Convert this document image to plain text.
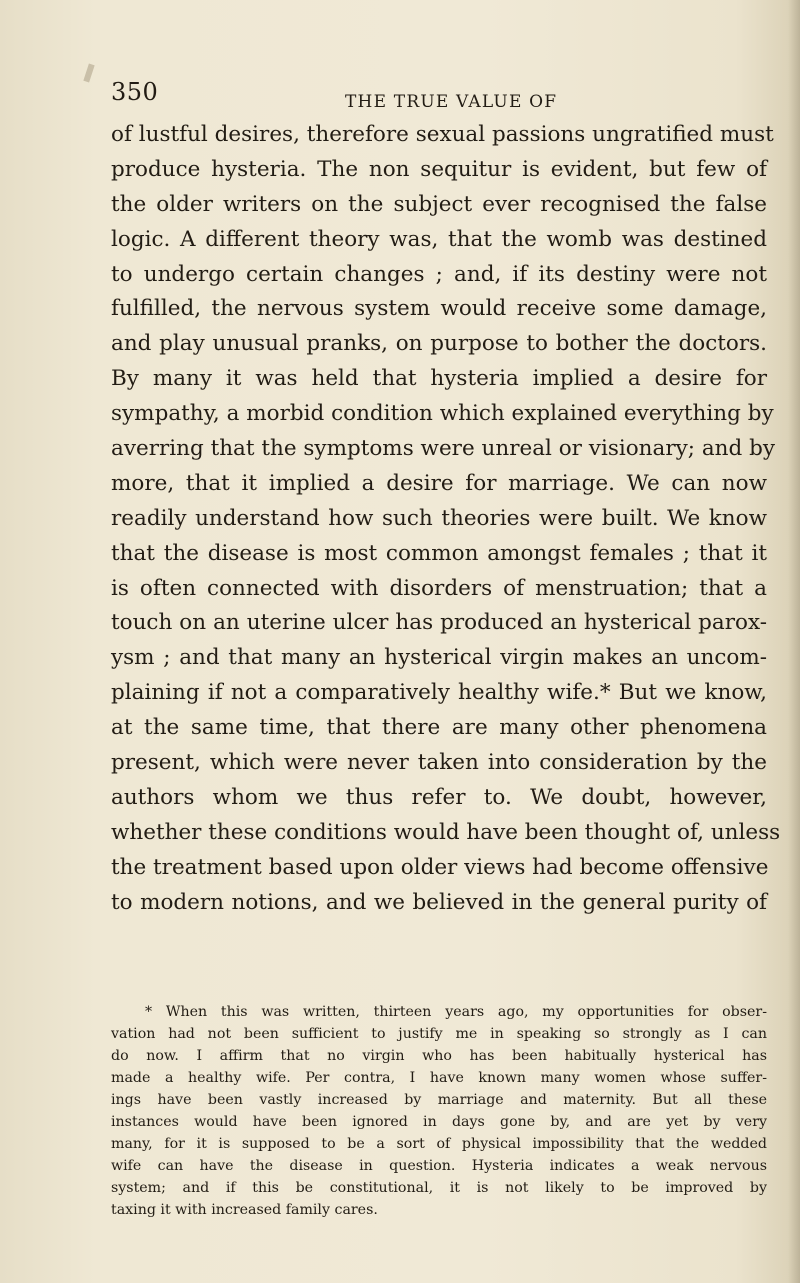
350	THE TRUE VALUE OF
of lustful desires, therefore sexual passions ungratified must
produce hysteria. The non sequitur is evident, but few of
the older writers on the subject ever recognised the false
logic. A different theory was, that the womb was destined
to undergo certain changes ; and, if its destiny were not
fulfilled, the nervous system would receive some damage,
and play unusual pranks, on purpose to bother the doctors.
By many it was held that hysteria implied a desire for
sympathy, a morbid condition which explained everything by
averring that the symptoms were unreal or visionary; and by
more, that it implied a desire for marriage. We can now
readily understand how such theories were built. We know
that the disease is most common amongst females ; that it
is often connected with disorders of menstruation; that a
touch on an uterine ulcer has produced an hysterical parox-
ysm ; and that many an hysterical virgin makes an uncom-
plaining if not a comparatively healthy wife.* But we know,
at the same time, that there are many other phenomena
present, which were never taken into consideration by the
authors whom we thus refer to. We doubt, however,
whether these conditions would have been thought of, unless
the treatment based upon older views had become offensive
to modern notions, and we believed in the general purity of
* When this was written, thirteen years ago, my opportunities for obser-
vation had not been sufficient to justify me in speaking so strongly as I can
do now. I affirm that no virgin who has been habitually hysterical has
made a healthy wife. Per contra, I have known many women whose suffer-
ings have been vastly increased by marriage and maternity. But all these
instances would have been ignored in days gone by, and are yet by very
many, for it is supposed to be a sort of physical impossibility that the wedded
wife can have the disease in question. Hysteria indicates a weak nervous
system; and if this be constitutional, it is not likely to be improved by
taxing it with increased family cares.
